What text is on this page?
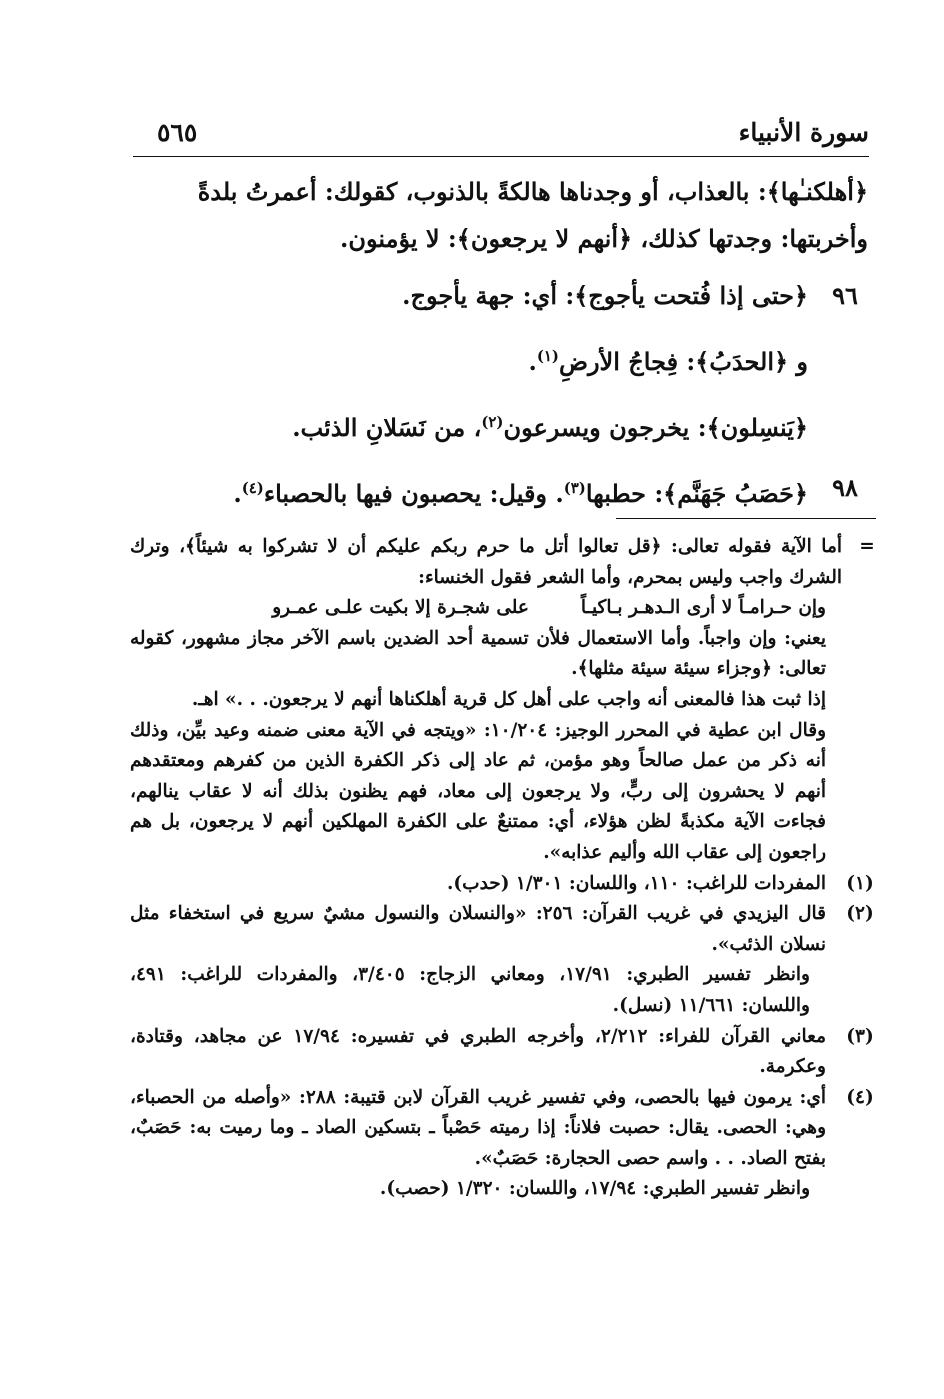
سورة الأنبياء
٥٦٥

﴿أهلكنـٰها﴾: بالعذاب، أو وجدناها هالكةً بالذنوب، كقولك: أعمرتُ بلدةً

وأخربتها: وجدتها كذلك، ﴿أنهم لا يرجعون﴾: لا يؤمنون.

٩٦
﴿حتى إذا فُتحت يأجوج﴾: أي: جهة يأجوج.
و ﴿الحدَبُ﴾: فِجاجُ الأرضِ$^{(١)}$.
﴿يَنسِلون﴾: يخرجون ويسرعون$^{(٢)}$، من نَسَلانِ الذئب.
٩٨
﴿حَصَبُ جَهَنَّم﴾: حطبها$^{(٣)}$. وقيل: يحصبون فيها بالحصباء$^{(٤)}$.
=

أما الآية فقوله تعالى: ﴿قل تعالوا أتل ما حرم ربكم عليكم أن لا تشركوا به شيئاً﴾، وترك الشرك واجب وليس بمحرم، وأما الشعر فقول الخنساء:

وإن حـرامـاً لا أرى الـدهـر بـاكيـاً
على شجـرة إلا بكيت علـى عمـرو

يعني: وإن واجباً. وأما الاستعمال فلأن تسمية أحد الضدين باسم الآخر مجاز مشهور، كقوله تعالى: ﴿وجزاء سيئة سيئة مثلها﴾.

إذا ثبت هذا فالمعنى أنه واجب على أهل كل قرية أهلكناها أنهم لا يرجعون. . .» اهـ.

وقال ابن عطية في المحرر الوجيز: ١٠/٢٠٤: «ويتجه في الآية معنى ضمنه وعيد بيِّن، وذلك أنه ذكر من عمل صالحاً وهو مؤمن، ثم عاد إلى ذكر الكفرة الذين من كفرهم ومعتقدهم أنهم لا يحشرون إلى ربٍّ، ولا يرجعون إلى معاد، فهم يظنون بذلك أنه لا عقاب ينالهم، فجاءت الآية مكذبةً لظن هؤلاء، أي: ممتنعٌ على الكفرة المهلكين أنهم لا يرجعون، بل هم راجعون إلى عقاب الله وأليم عذابه».

(١)

المفردات للراغب: ١١٠، واللسان: ١/٣٠١ (حدب).

(٢)

قال اليزيدي في غريب القرآن: ٢٥٦: «والنسلان والنسول مشيٌ سريع في استخفاء مثل نسلان الذئب».

وانظر تفسير الطبري: ١٧/٩١، ومعاني الزجاج: ٣/٤٠٥، والمفردات للراغب: ٤٩١، واللسان: ١١/٦٦١ (نسل).

(٣)

معاني القرآن للفراء: ٢/٢١٢، وأخرجه الطبري في تفسيره: ١٧/٩٤ عن مجاهد، وقتادة، وعكرمة.

(٤)

أي: يرمون فيها بالحصى، وفي تفسير غريب القرآن لابن قتيبة: ٢٨٨: «وأصله من الحصباء، وهي: الحصى. يقال: حصبت فلاناً: إذا رميته حَصْباً ـ بتسكين الصاد ـ وما رميت به: حَصَبٌ، بفتح الصاد. . . واسم حصى الحجارة: حَصَبٌ».

وانظر تفسير الطبري: ١٧/٩٤، واللسان: ١/٣٢٠ (حصب).
